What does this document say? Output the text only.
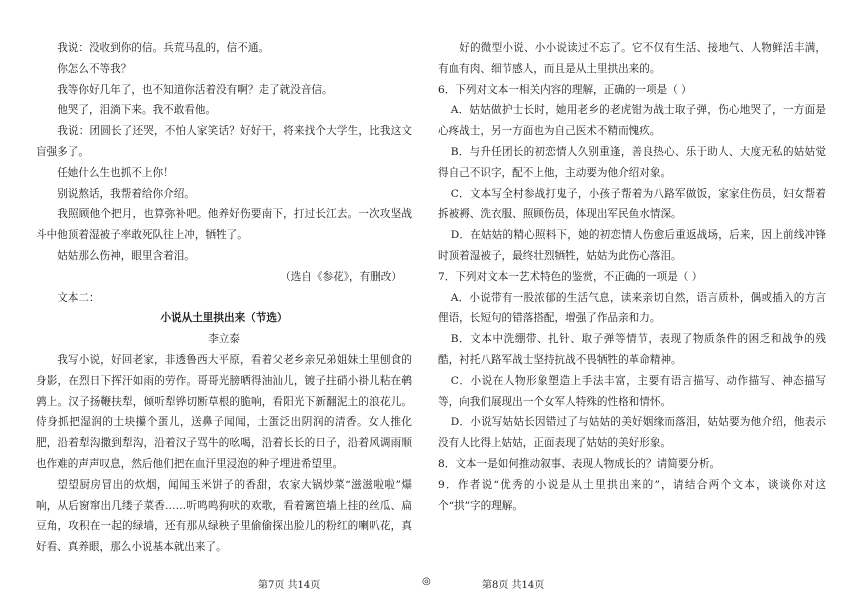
我说：没收到你的信。兵荒马乱的，信不通。

你怎么不等我？

我等你好几年了，也不知道你活着没有啊？走了就没音信。

他哭了，泪淌下来。我不敢看他。

我说：团圆长了还哭，不怕人家笑话？好好干，将来找个大学生，比我这文盲强多了。

任她什么生也抓不上你！

别说熬话，我帮着给你介绍。

我照顾他个把月，也算弥补吧。他养好伤要南下，打过长江去。一次攻坚战斗中他顶着湿被子率敢死队往上冲，牺牲了。

姑姑那么伤神，眼里含着泪。

（选自《参花》，有删改）

文本二：

小说从土里拱出来（节选）

李立泰

我写小说，好回老家，非透鲁西大平原，看着父老乡亲兄弟姐妹土里刨食的身影，在烈日下挥汗如雨的劳作。哥哥光膀晒得油汕儿，镀子拄硝小褂儿粘在鹌鹑上。汉子扬鞭扶犁，倾听犁铧切断草根的脆响，看阳光下新翻泥土的浪花儿。侍身抓把湿润的土块攥个蛋儿，送鼻子闻闻，土蛋泛出阴润的清香。女人推化肥，沿着犁沟撒到犁沟，沿着汉子骂牛的吆喝，沿着长长的日子，沿着风调雨顺也作难的声声叹息，然后他们把在血汗里浸泡的种子埋进希望里。

望望厨房冒出的炊烟，闻闻玉米饼子的香甜，农家大锅炒菜“滋滋啦啦”爆响，从后窗窜出几缕子菜香……听鸣鸣狗吠的欢歌，看着篱笆墙上挂的丝瓜、扁豆角，攻积在一起的绿墙，还有那从绿秧子里偷偷探出脸儿的粉红的喇叭花，真好看、真养眼，那么小说基本就出来了。

好的微型小说、小小说读过不忘了。它不仅有生活、接地气、人物鲜活丰满，有血有肉、细节感人，而且是从土里拱出来的。

6．下列对文本一相关内容的理解，正确的一项是（ ）

A．姑姑做护士长时，她用老乡的老虎钳为战士取子弹，伤心地哭了，一方面是心疼战士，另一方面也为自己医术不精而愧疚。

B．与升任团长的初恋情人久别重逢，善良热心、乐于助人、大度无私的姑姑觉得自己不识字，配不上他，主动要为他介绍对象。

C．文本写全村参战打鬼子，小孩子帮着为八路军做饭，家家住伤员，妇女帮着拆被褥、洗衣服、照顾伤员，体现出军民鱼水情深。

D．在姑姑的精心照料下，她的初恋情人伤愈后重返战场，后来，因上前线冲锋时顶着湿被子，最终壮烈牺牲，姑姑为此伤心落泪。

7．下列对文本一艺术特色的鉴赏，不正确的一项是（ ）

A．小说带有一股浓郁的生活气息，读来亲切自然，语言质朴，偶或插入的方言俚语，长短句的错落搭配，增强了作品亲和力。

B．文本中洗绷带、扎针、取子弹等情节，表现了物质条件的困乏和战争的残酷，衬托八路军战士坚持抗战不畏牺牲的革命精神。

C．小说在人物形象塑造上手法丰富，主要有语言描写、动作描写、神态描写等，向我们展现出一个女军人特殊的性格和情怀。

D．小说写姑姑长因错过了与姑姑的美好姻缘而落泪，姑姑要为他介绍，他表示没有人比得上姑姑，正面表现了姑姑的美好形象。

8．文本一是如何推动叙事、表现人物成长的？请简要分析。

9．作者说“优秀的小说是从土里拱出来的”，请结合两个文本，谈谈你对这个“拱”字的理解。

第7页 共14页	◎	第8页 共14页
